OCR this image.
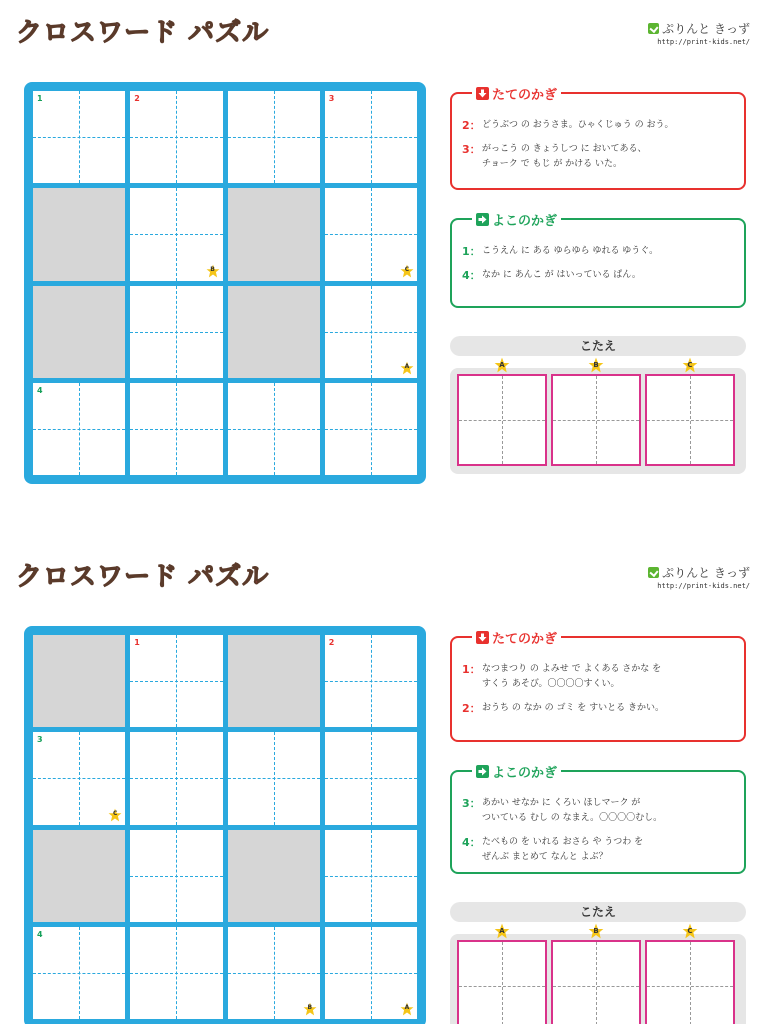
ク ロ ス ワ ー ド パ ズ ル	ぷりんと きっず
http://print-kids.net/
1	2	3
B	C
A
4
たてのかぎ
2： どうぶつ の おうさま。ひゃくじゅう の おう。
3： がっこう の きょうしつ に おいてある、
チョーク で もじ が かける いた。
よこのかぎ
1： こうえん に ある ゆらゆら ゆれる ゆうぐ。
4： なか に あんこ が はいっている ぱん。
こたえ
A	B	C
ク ロ ス ワ ー ド パ ズ ル	ぷりんと きっず
http://print-kids.net/
1	2
3
C
4
B	A
たてのかぎ
1： なつまつり の よみせ で よくある さかな を
すくう あそび。〇〇〇〇すくい。
2： おうち の なか の ゴミ を すいとる きかい。
よこのかぎ
3： あかい せなか に くろい ほしマーク が
ついている むし の なまえ。〇〇〇〇むし。
4： たべもの を いれる おさら や うつわ を
ぜんぶ まとめて なんと よぶ？
こたえ
A	B	C
